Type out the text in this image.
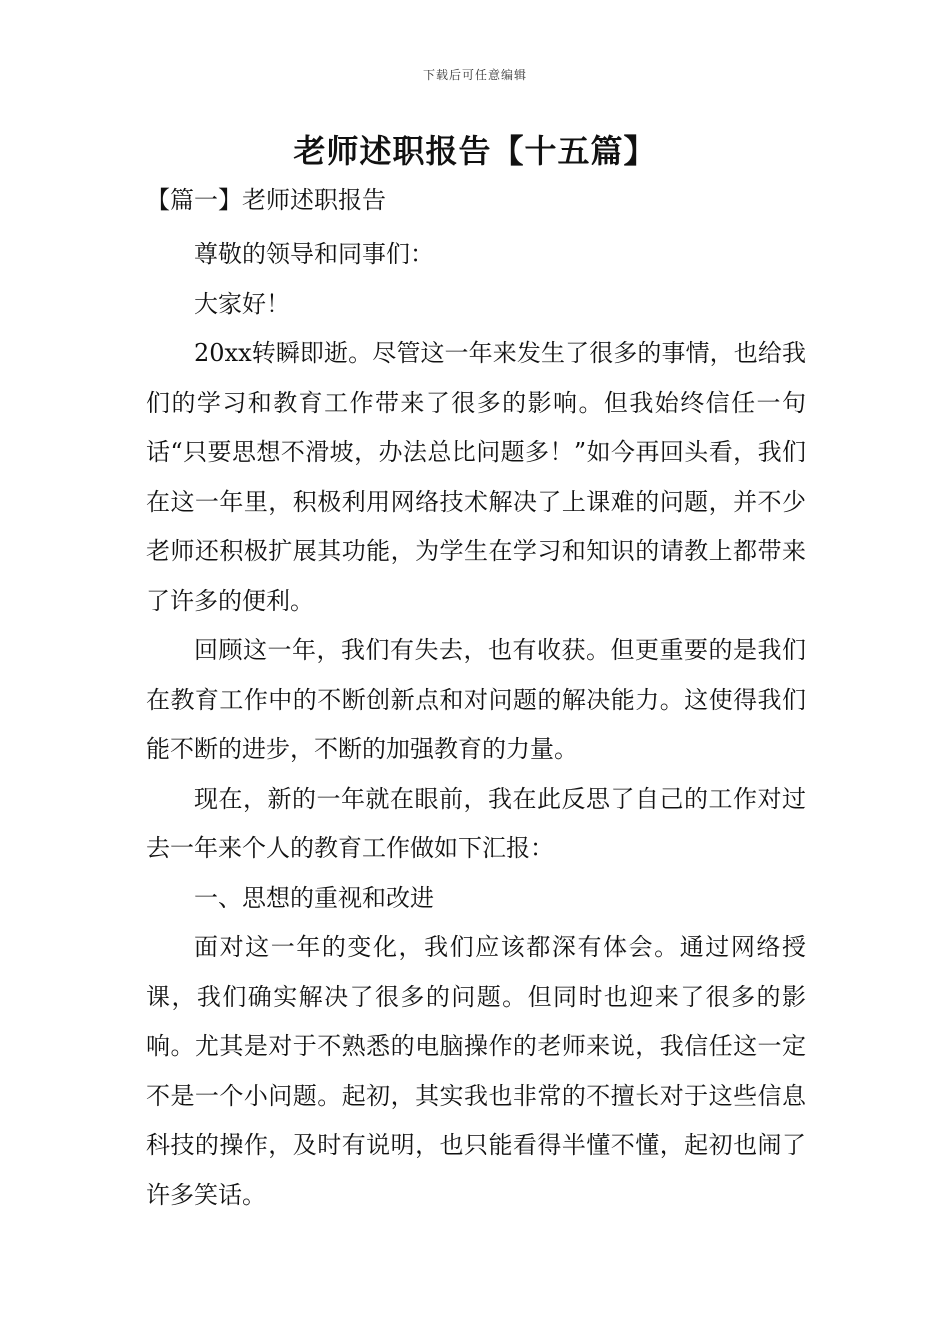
下载后可任意编辑
老师述职报告【十五篇】
【篇一】老师述职报告

尊敬的领导和同事们：

大家好！

20xx转瞬即逝。尽管这一年来发生了很多的事情，也给我们的学习和教育工作带来了很多的影响。但我始终信任一句话“只要思想不滑坡，办法总比问题多！”如今再回头看，我们在这一年里，积极利用网络技术解决了上课难的问题，并不少老师还积极扩展其功能，为学生在学习和知识的请教上都带来了许多的便利。

回顾这一年，我们有失去，也有收获。但更重要的是我们在教育工作中的不断创新点和对问题的解决能力。这使得我们能不断的进步，不断的加强教育的力量。

现在，新的一年就在眼前，我在此反思了自己的工作对过去一年来个人的教育工作做如下汇报：

一、思想的重视和改进

面对这一年的变化，我们应该都深有体会。通过网络授课，我们确实解决了很多的问题。但同时也迎来了很多的影响。尤其是对于不熟悉的电脑操作的老师来说，我信任这一定不是一个小问题。起初，其实我也非常的不擅长对于这些信息科技的操作，及时有说明，也只能看得半懂不懂，起初也闹了许多笑话。
